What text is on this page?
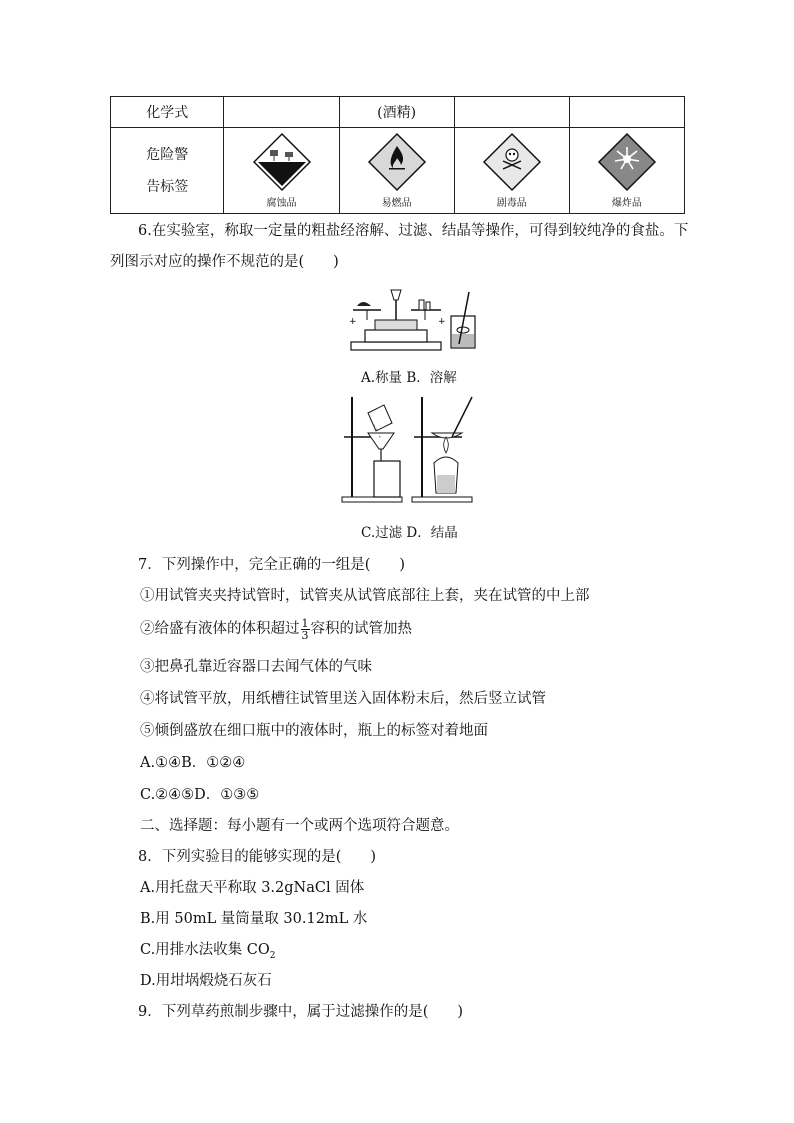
化学式		(酒精)		

危险警
告标签	腐蚀品	易燃品	剧毒品	爆炸品
6.在实验室，称取一定量的粗盐经溶解、过滤、结晶等操作，可得到较纯净的食盐。下
列图示对应的操作不规范的是(　　)
+	+
A.称量 B．溶解
C.过滤 D．结晶
7．下列操作中，完全正确的一组是(　　)
①用试管夹夹持试管时，试管夹从试管底部往上套，夹在试管的中上部
②给盛有液体的体积超过 $\frac{1}{3}$ 容积的试管加热
③把鼻孔靠近容器口去闻气体的气味
④将试管平放，用纸槽往试管里送入固体粉末后，然后竖立试管
⑤倾倒盛放在细口瓶中的液体时，瓶上的标签对着地面
A.①④B．①②④
C.②④⑤D．①③⑤
二、选择题：每小题有一个或两个选项符合题意。
8．下列实验目的能够实现的是(　　)
A.用托盘天平称取 3.2gNaCl 固体
B.用 50mL 量筒量取 30.12mL 水
C.用排水法收集 $CO_2$
D.用坩埚煅烧石灰石
9．下列草药煎制步骤中，属于过滤操作的是(　　)
